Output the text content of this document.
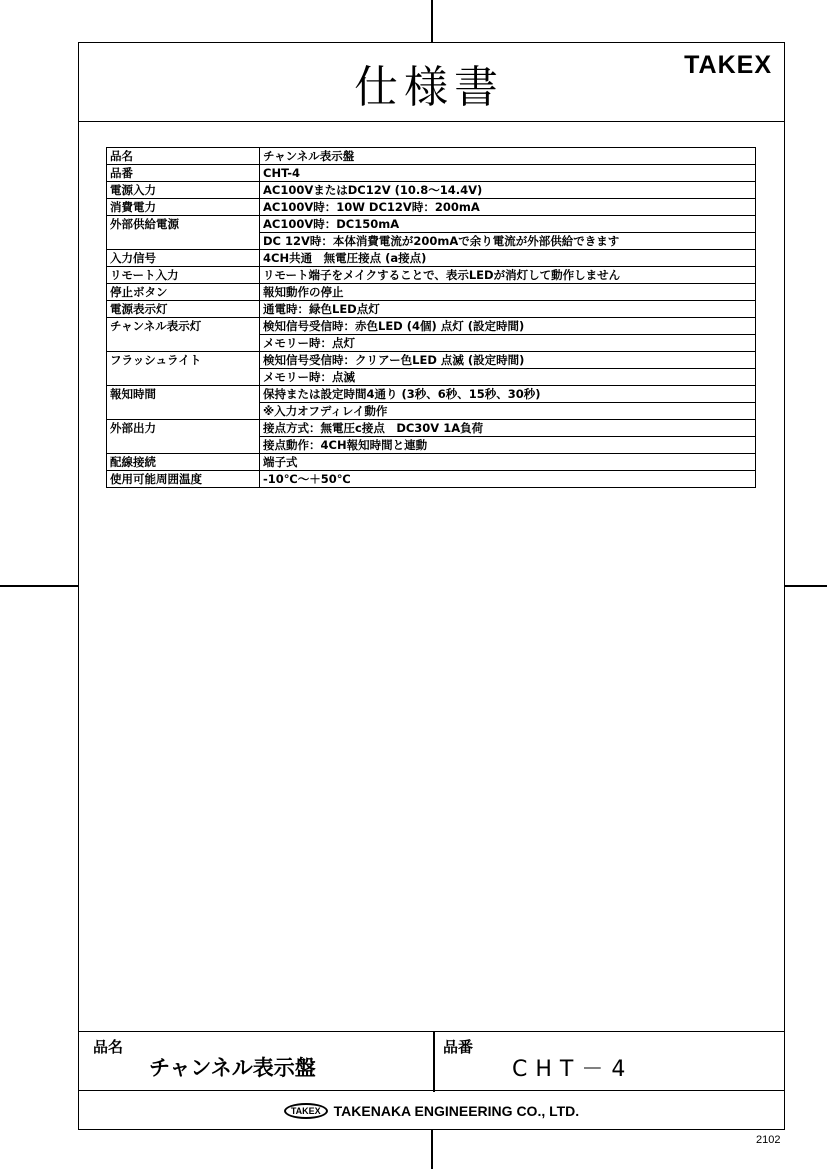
仕様書	TAKEX
品名	チャンネル表示盤
品番	CHT-4
電源入力	AC100VまたはDC12V (10.8～14.4V)
消費電力	AC100V時：10W DC12V時：200mA
外部供給電源	AC100V時：DC150mA
	DC 12V時：本体消費電流が200mAで余り電流が外部供給できます
入力信号	4CH共通　無電圧接点 (a接点)
リモート入力	リモート端子をメイクすることで、表示LEDが消灯して動作しません
停止ボタン	報知動作の停止
電源表示灯	通電時：緑色LED点灯
チャンネル表示灯	検知信号受信時：赤色LED (4個) 点灯 (設定時間)
	メモリー時：点灯
フラッシュライト	検知信号受信時：クリアー色LED 点滅 (設定時間)
	メモリー時：点滅
報知時間	保持または設定時間4通り (3秒、6秒、15秒、30秒)
	※入力オフディレイ動作
外部出力	接点方式：無電圧c接点　DC30V 1A負荷
	接点動作：4CH報知時間と連動
配線接続	端子式
使用可能周囲温度	-10℃～＋50℃
品名
チャンネル表示盤
品番
CHT－4
TAKEX TAKENAKA ENGINEERING CO., LTD.
2102
